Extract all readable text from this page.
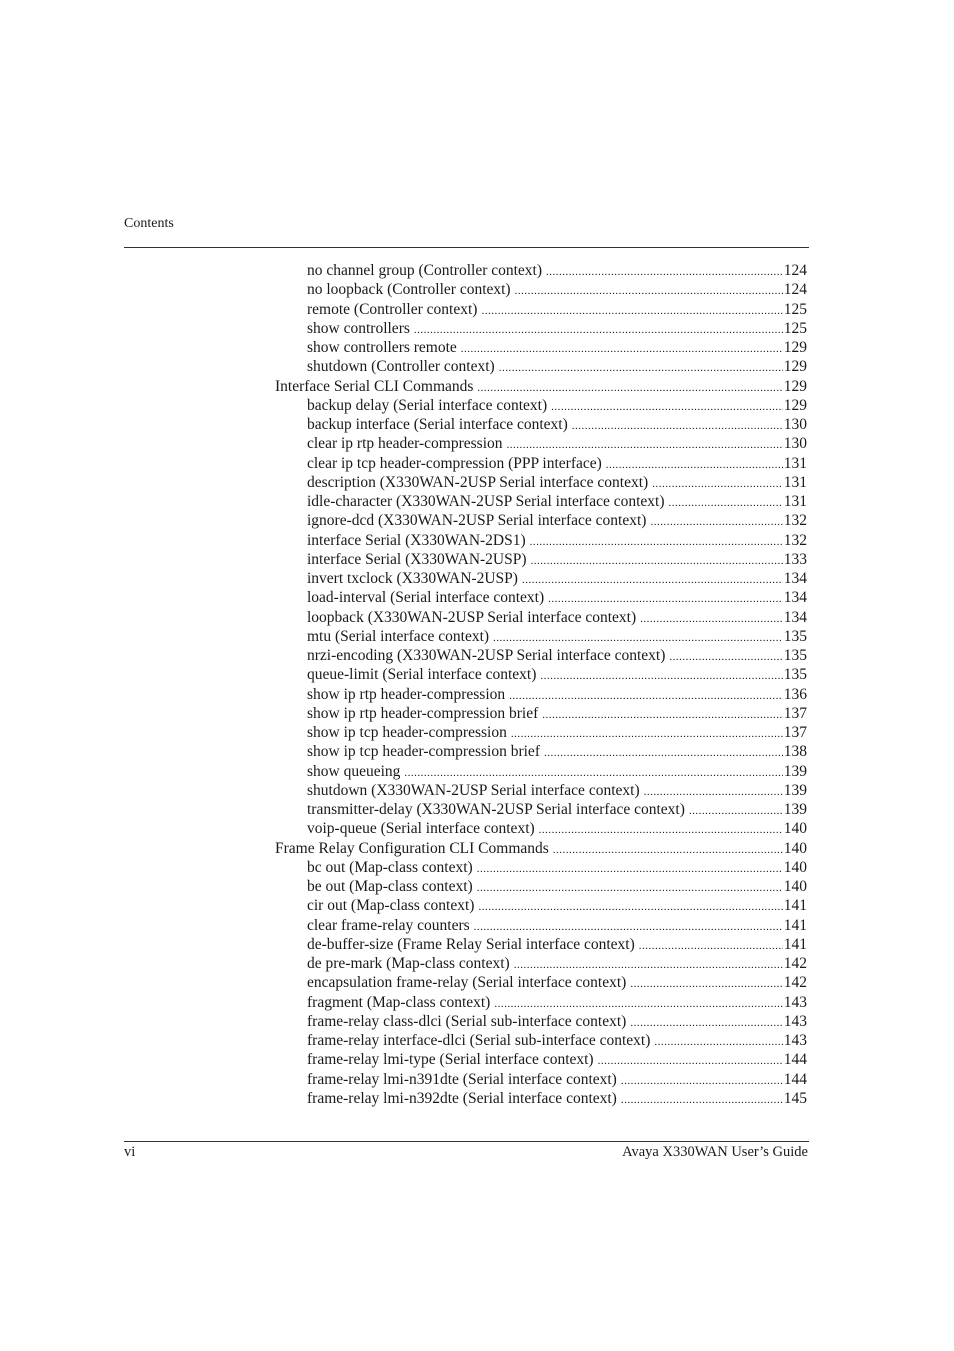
Contents
no channel group (Controller context) .....	124
no loopback (Controller context) .....	124
remote (Controller context) .....	125
show controllers .....	125
show controllers remote .....	129
shutdown (Controller context) .....	129
Interface Serial CLI Commands .....	129
backup delay (Serial interface context) .....	129
backup interface (Serial interface context) .....	130
clear ip rtp header-compression .....	130
clear ip tcp header-compression (PPP interface) .....	131
description (X330WAN-2USP Serial interface context) .....	131
idle-character (X330WAN-2USP Serial interface context) .....	131
ignore-dcd (X330WAN-2USP Serial interface context) .....	132
interface Serial (X330WAN-2DS1) .....	132
interface Serial (X330WAN-2USP) .....	133
invert txclock (X330WAN-2USP) .....	134
load-interval (Serial interface context) .....	134
loopback (X330WAN-2USP Serial interface context) .....	134
mtu (Serial interface context) .....	135
nrzi-encoding (X330WAN-2USP Serial interface context) .....	135
queue-limit (Serial interface context) .....	135
show ip rtp header-compression .....	136
show ip rtp header-compression brief .....	137
show ip tcp header-compression .....	137
show ip tcp header-compression brief .....	138
show queueing .....	139
shutdown (X330WAN-2USP Serial interface context) .....	139
transmitter-delay (X330WAN-2USP Serial interface context) .....	139
voip-queue (Serial interface context) .....	140
Frame Relay Configuration CLI Commands .....	140
bc out (Map-class context) .....	140
be out (Map-class context) .....	140
cir out (Map-class context) .....	141
clear frame-relay counters .....	141
de-buffer-size (Frame Relay Serial interface context) .....	141
de pre-mark (Map-class context) .....	142
encapsulation frame-relay (Serial interface context) .....	142
fragment (Map-class context) .....	143
frame-relay class-dlci (Serial sub-interface context) .....	143
frame-relay interface-dlci (Serial sub-interface context) .....	143
frame-relay lmi-type (Serial interface context) .....	144
frame-relay lmi-n391dte (Serial interface context) .....	144
frame-relay lmi-n392dte (Serial interface context) .....	145
vi	Avaya X330WAN User’s Guide
